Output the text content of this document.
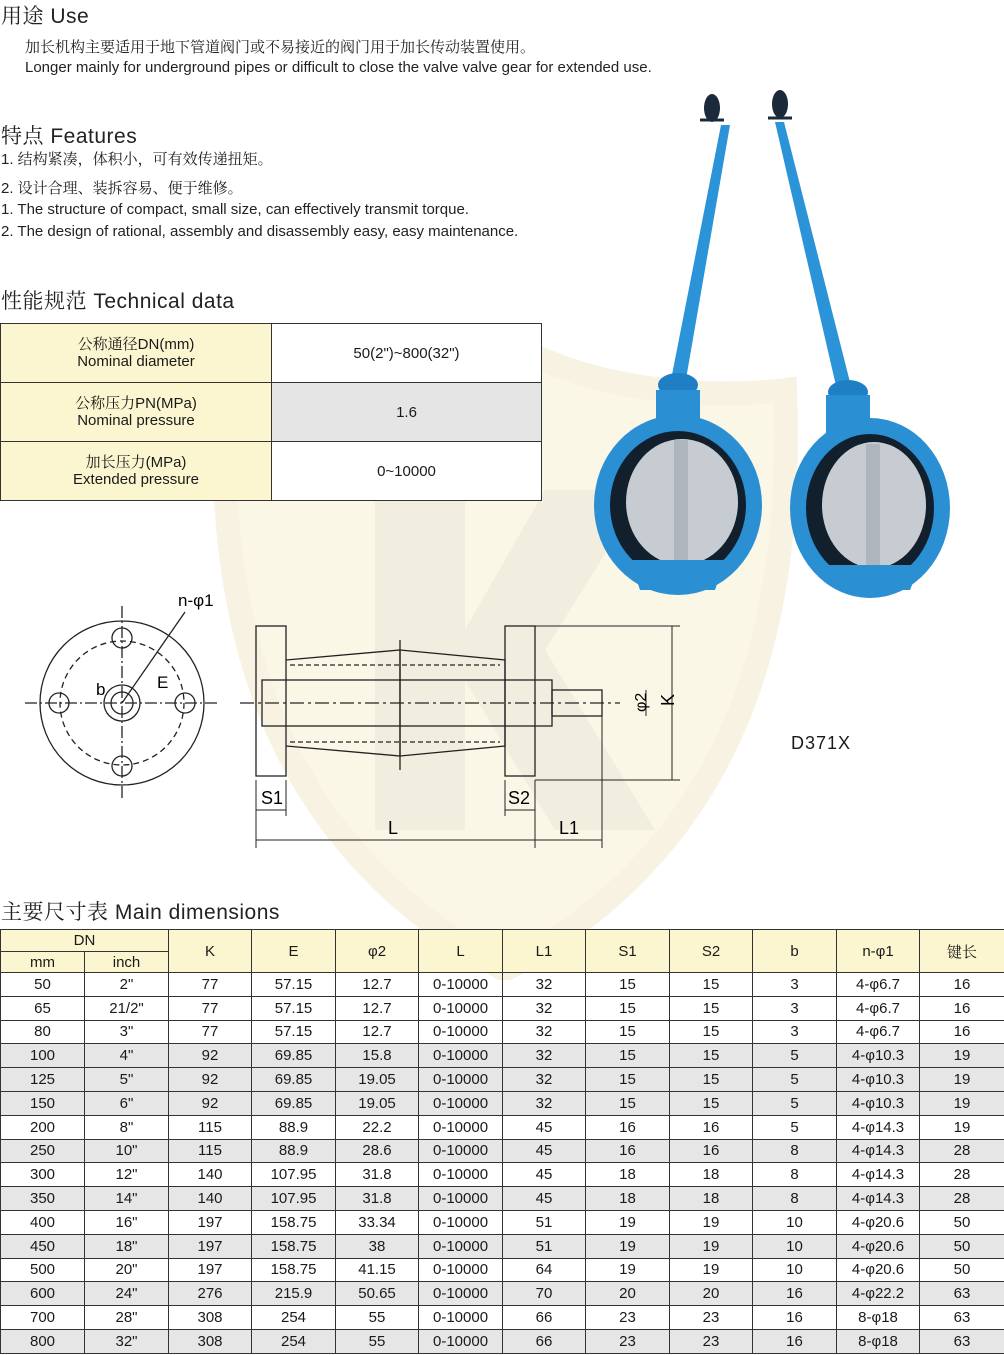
用途 Use
加长机构主要适用于地下管道阀门或不易接近的阀门用于加长传动装置使用。
Longer mainly for underground pipes or difficult to close the valve valve gear for extended use.
特点 Features
1. 结构紧凑，体积小，可有效传递扭矩。
2. 设计合理、装拆容易、便于维修。
1. The structure of compact, small size, can effectively transmit torque.
2. The design of rational, assembly and disassembly easy, easy maintenance.
性能规范 Technical data
公称通径DN(mm)
Nominal diameter	50(2")~800(32")

公称压力PN(MPa)
Nominal pressure	1.6

加长压力(MPa)
Extended pressure	0~10000
n-φ1
b	E
S1	S2
L	L1
φ2 K
D371X
主要尺寸表 Main dimensions
DN		K	E	φ2	L	L1	S1	S2	b	n-φ1	键长
mm	inch										
50	2"	77	57.15	12.7	0-10000	32	15	15	3	4-φ6.7	16
65	21/2"	77	57.15	12.7	0-10000	32	15	15	3	4-φ6.7	16
80	3"	77	57.15	12.7	0-10000	32	15	15	3	4-φ6.7	16
100	4"	92	69.85	15.8	0-10000	32	15	15	5	4-φ10.3	19
125	5"	92	69.85	19.05	0-10000	32	15	15	5	4-φ10.3	19
150	6"	92	69.85	19.05	0-10000	32	15	15	5	4-φ10.3	19
200	8"	115	88.9	22.2	0-10000	45	16	16	5	4-φ14.3	19
250	10"	115	88.9	28.6	0-10000	45	16	16	8	4-φ14.3	28
300	12"	140	107.95	31.8	0-10000	45	18	18	8	4-φ14.3	28
350	14"	140	107.95	31.8	0-10000	45	18	18	8	4-φ14.3	28
400	16"	197	158.75	33.34	0-10000	51	19	19	10	4-φ20.6	50
450	18"	197	158.75	38	0-10000	51	19	19	10	4-φ20.6	50
500	20"	197	158.75	41.15	0-10000	64	19	19	10	4-φ20.6	50
600	24"	276	215.9	50.65	0-10000	70	20	20	16	4-φ22.2	63
700	28"	308	254	55	0-10000	66	23	23	16	8-φ18	63
800	32"	308	254	55	0-10000	66	23	23	16	8-φ18	63
